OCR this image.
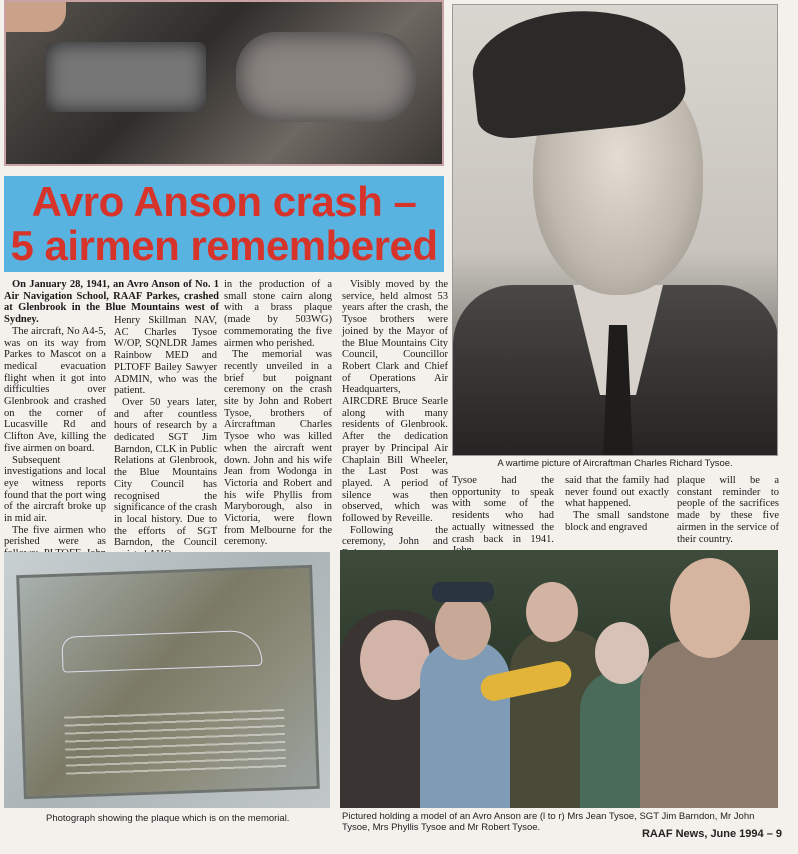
A wartime picture of Aircraftman Charles Richard Tysoe.
Avro Anson crash –
5 airmen remembered

On January 28, 1941, an Avro Anson of No. 1 Air Navigation School, RAAF Parkes, crashed at Glenbrook in the Blue Mountains west of Sydney.

The aircraft, No A4-5, was on its way from Parkes to Mascot on a medical evacuation flight when it got into difficulties over Glenbrook and crashed on the corner of Lucasville Rd and Clifton Ave, killing the five airmen on board.

Subsequent investigations and local eye witness reports found that the port wing of the aircraft broke up in mid air.

The five airmen who perished were as

Henry Skillman NAV, AC Charles Tysoe W/OP, SQNLDR James Rainbow MED and PLTOFF Bailey Sawyer ADMIN, who was the patient.

Over 50 years later, and after countless hours of research by a dedicated SGT Jim Barndon, CLK in Public Relations at Glenbrook, the Blue Mountains City Council has recognised the significance of the crash in local history. Due to the efforts of SGT Barndon, the Council

in the production of a small stone cairn along with a brass plaque (made by 503WG) commemorating the five airmen who perished.

The memorial was recently unveiled in a brief but poignant ceremony on the crash site by John and Robert Tysoe, brothers of Aircraftman Charles Tysoe who was killed when the aircraft went down. John and his wife Jean from Wodonga in Victoria and Robert and his wife Phyllis from Maryborough, also in Victoria, were flown from Melbourne for the ceremony.

Visibly moved by the service, held almost 53 years after the crash, the Tysoe brothers were joined by the Mayor of the Blue Mountains City Council, Councillor Robert Clark and Chief of Operations Air Headquarters, AIRCDRE Bruce Searle along with many residents of Glenbrook. After the dedication prayer by Principal Air Chaplain Bill Wheeler, the Last Post was played. A period of silence was then observed, which was followed by Reveille.

Following the ceremony, John and

Tysoe had the opportunity to speak with some of the residents who had actually witnessed the crash back in 1941.

said that the family had never found out exactly what happened.

The small sandstone block and engraved

plaque will be a constant reminder to people of the sacrifices made by these five airmen in the service of their country.

Photograph showing the plaque which is on the memorial.	Pictured holding a model of an Avro Anson are (l to r) Mrs Jean Tysoe, SGT Jim Barndon, Mr John Tysoe, Mrs Phyllis Tysoe and Mr Robert Tysoe.
RAAF News, June 1994 – 9
